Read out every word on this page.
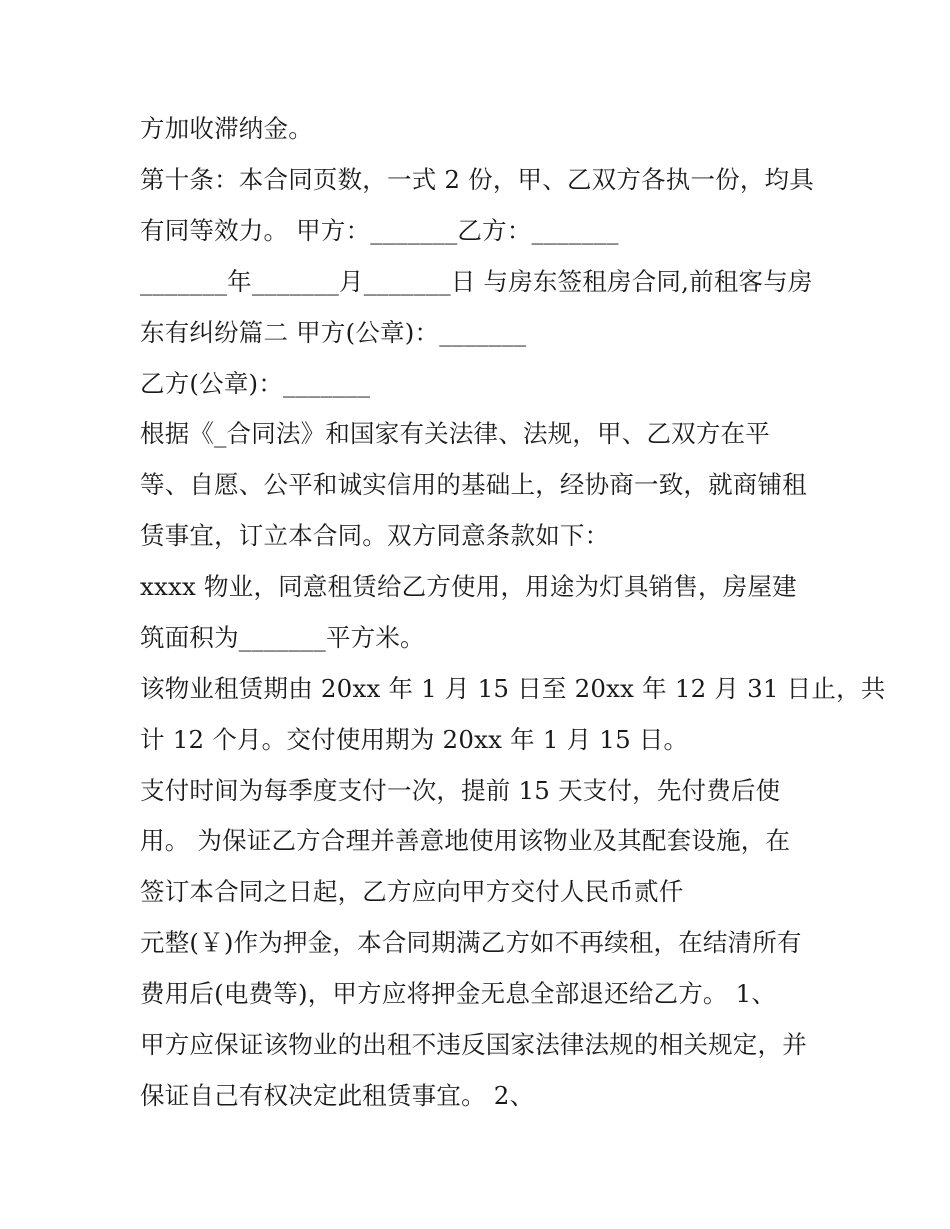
方加收滞纳金。
第十条：本合同页数，一式 2 份，甲、乙双方各执一份，均具
有同等效力。 甲方：_______乙方：_______
_______年_______月_______日 与房东签租房合同,前租客与房
东有纠纷篇二 甲方(公章)：_______
乙方(公章)：_______
根据《_合同法》和国家有关法律、法规，甲、乙双方在平
等、自愿、公平和诚实信用的基础上，经协商一致，就商铺租
赁事宜，订立本合同。双方同意条款如下：
xxxx 物业，同意租赁给乙方使用，用途为灯具销售，房屋建
筑面积为_______平方米。
该物业租赁期由 20xx 年 1 月 15 日至 20xx 年 12 月 31 日止，共
计 12 个月。交付使用期为 20xx 年 1 月 15 日。
支付时间为每季度支付一次，提前 15 天支付，先付费后使
用。 为保证乙方合理并善意地使用该物业及其配套设施，在
签订本合同之日起，乙方应向甲方交付人民币贰仟
元整(￥)作为押金，本合同期满乙方如不再续租，在结清所有
费用后(电费等)，甲方应将押金无息全部退还给乙方。 1、
甲方应保证该物业的出租不违反国家法律法规的相关规定，并
保证自己有权决定此租赁事宜。 2、
